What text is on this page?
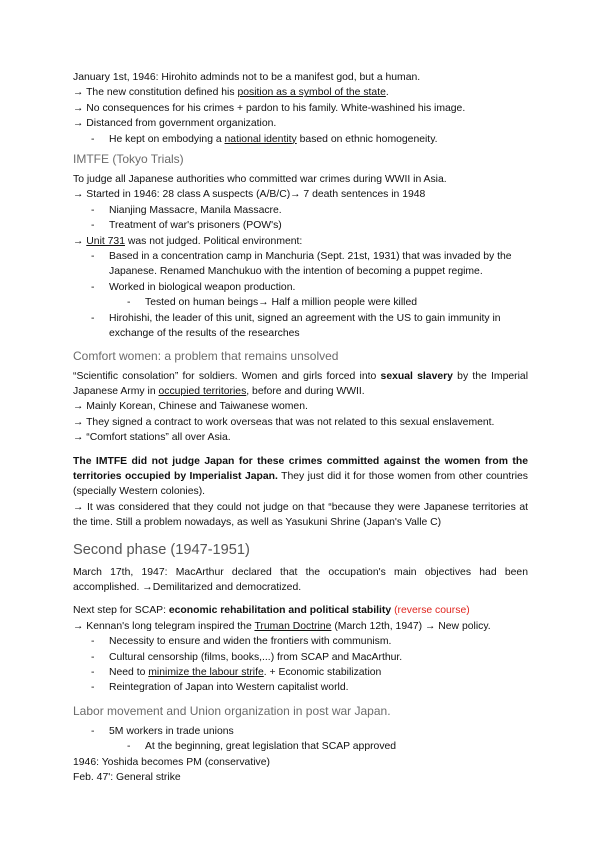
January 1st, 1946: Hirohito adminds not to be a manifest god, but a human.

→ The new constitution defined his position as a symbol of the state.

→ No consequences for his crimes + pardon to his family. White-washined his image.

→ Distanced from government organization.

- He kept on embodying a national identity based on ethnic homogeneity.
IMTFE (Tokyo Trials)

To judge all Japanese authorities who committed war crimes during WWII in Asia.

→ Started in 1946: 28 class A suspects (A/B/C)→ 7 death sentences in 1948

- Nianjing Massacre, Manila Massacre.
- Treatment of war's prisoners (POW's)

→ Unit 731 was not judged. Political environment:

- Based in a concentration camp in Manchuria (Sept. 21st, 1931) that was invaded by the Japanese. Renamed Manchukuo with the intention of becoming a puppet regime.
- Worked in biological weapon production.
- Tested on human beings→ Half a million people were killed
- Hirohishi, the leader of this unit, signed an agreement with the US to gain immunity in exchange of the results of the researches
Comfort women: a problem that remains unsolved

“Scientific consolation” for soldiers. Women and girls forced into sexual slavery by the Imperial Japanese Army in occupied territories, before and during WWII.

→ Mainly Korean, Chinese and Taiwanese women.

→ They signed a contract to work overseas that was not related to this sexual enslavement.

→ “Comfort stations” all over Asia.

The IMTFE did not judge Japan for these crimes committed against the women from the territories occupied by Imperialist Japan. They just did it for those women from other countries (specially Western colonies).

→ It was considered that they could not judge on that “because they were Japanese territories at the time. Still a problem nowadays, as well as Yasukuni Shrine (Japan's Valle C)

Second phase (1947-1951)

March 17th, 1947: MacArthur declared that the occupation's main objectives had been accomplished. →Demilitarized and democratized.

Next step for SCAP: economic rehabilitation and political stability (reverse course)

→ Kennan's long telegram inspired the Truman Doctrine (March 12th, 1947) → New policy.

- Necessity to ensure and widen the frontiers with communism.
- Cultural censorship (films, books,...) from SCAP and MacArthur.
- Need to minimize the labour strife. + Economic stabilization
- Reintegration of Japan into Western capitalist world.
Labor movement and Union organization in post war Japan.
- 5M workers in trade unions
- At the beginning, great legislation that SCAP approved

1946: Yoshida becomes PM (conservative)

Feb. 47': General strike
